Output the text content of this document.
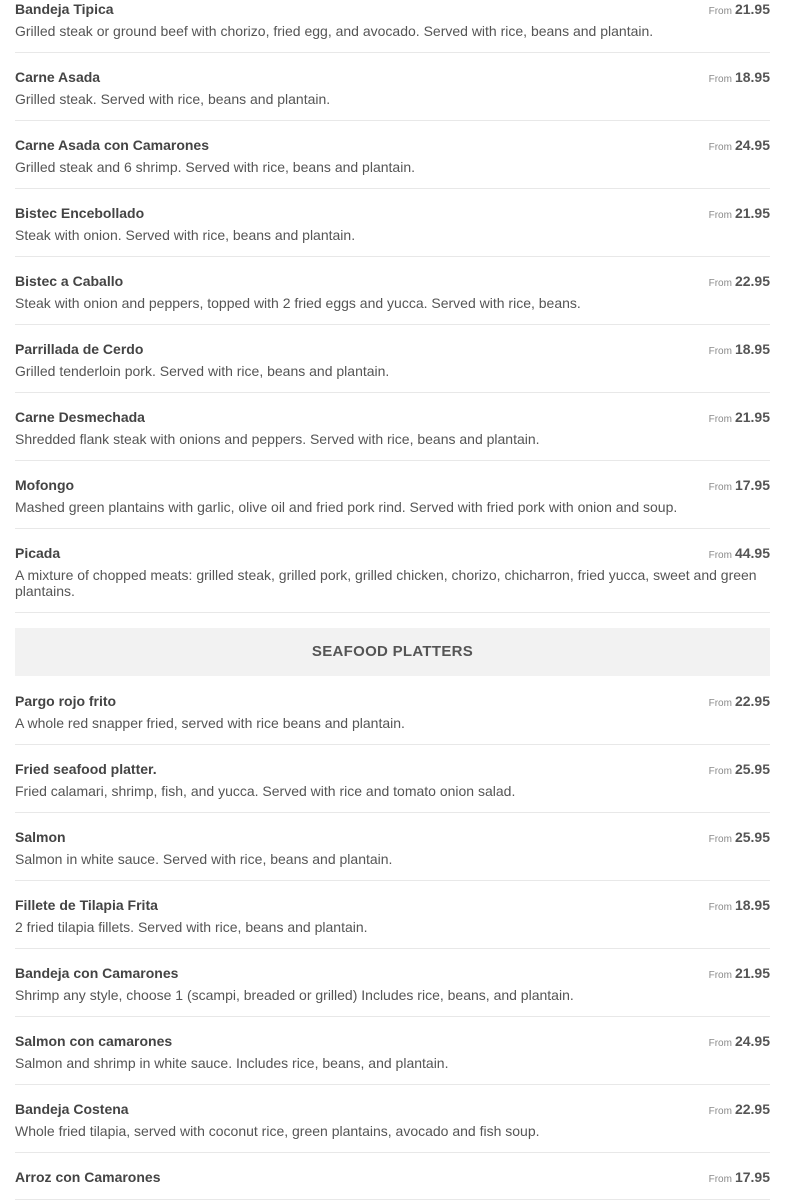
Bandeja Tipica	From 21.95
Grilled steak or ground beef with chorizo, fried egg, and avocado. Served with rice, beans and plantain.
Carne Asada	From 18.95
Grilled steak. Served with rice, beans and plantain.
Carne Asada con Camarones	From 24.95
Grilled steak and 6 shrimp. Served with rice, beans and plantain.
Bistec Encebollado	From 21.95
Steak with onion. Served with rice, beans and plantain.
Bistec a Caballo	From 22.95
Steak with onion and peppers, topped with 2 fried eggs and yucca. Served with rice, beans.
Parrillada de Cerdo	From 18.95
Grilled tenderloin pork. Served with rice, beans and plantain.
Carne Desmechada	From 21.95
Shredded flank steak with onions and peppers. Served with rice, beans and plantain.
Mofongo	From 17.95
Mashed green plantains with garlic, olive oil and fried pork rind. Served with fried pork with onion and soup.
Picada	From 44.95
A mixture of chopped meats: grilled steak, grilled pork, grilled chicken, chorizo, chicharron, fried yucca, sweet and green plantains.
SEAFOOD PLATTERS
Pargo rojo frito	From 22.95
A whole red snapper fried, served with rice beans and plantain.
Fried seafood platter.	From 25.95
Fried calamari, shrimp, fish, and yucca. Served with rice and tomato onion salad.
Salmon	From 25.95
Salmon in white sauce. Served with rice, beans and plantain.
Fillete de Tilapia Frita	From 18.95
2 fried tilapia fillets. Served with rice, beans and plantain.
Bandeja con Camarones	From 21.95
Shrimp any style, choose 1 (scampi, breaded or grilled) Includes rice, beans, and plantain.
Salmon con camarones	From 24.95
Salmon and shrimp in white sauce. Includes rice, beans, and plantain.
Bandeja Costena	From 22.95
Whole fried tilapia, served with coconut rice, green plantains, avocado and fish soup.
Arroz con Camarones	From 17.95
